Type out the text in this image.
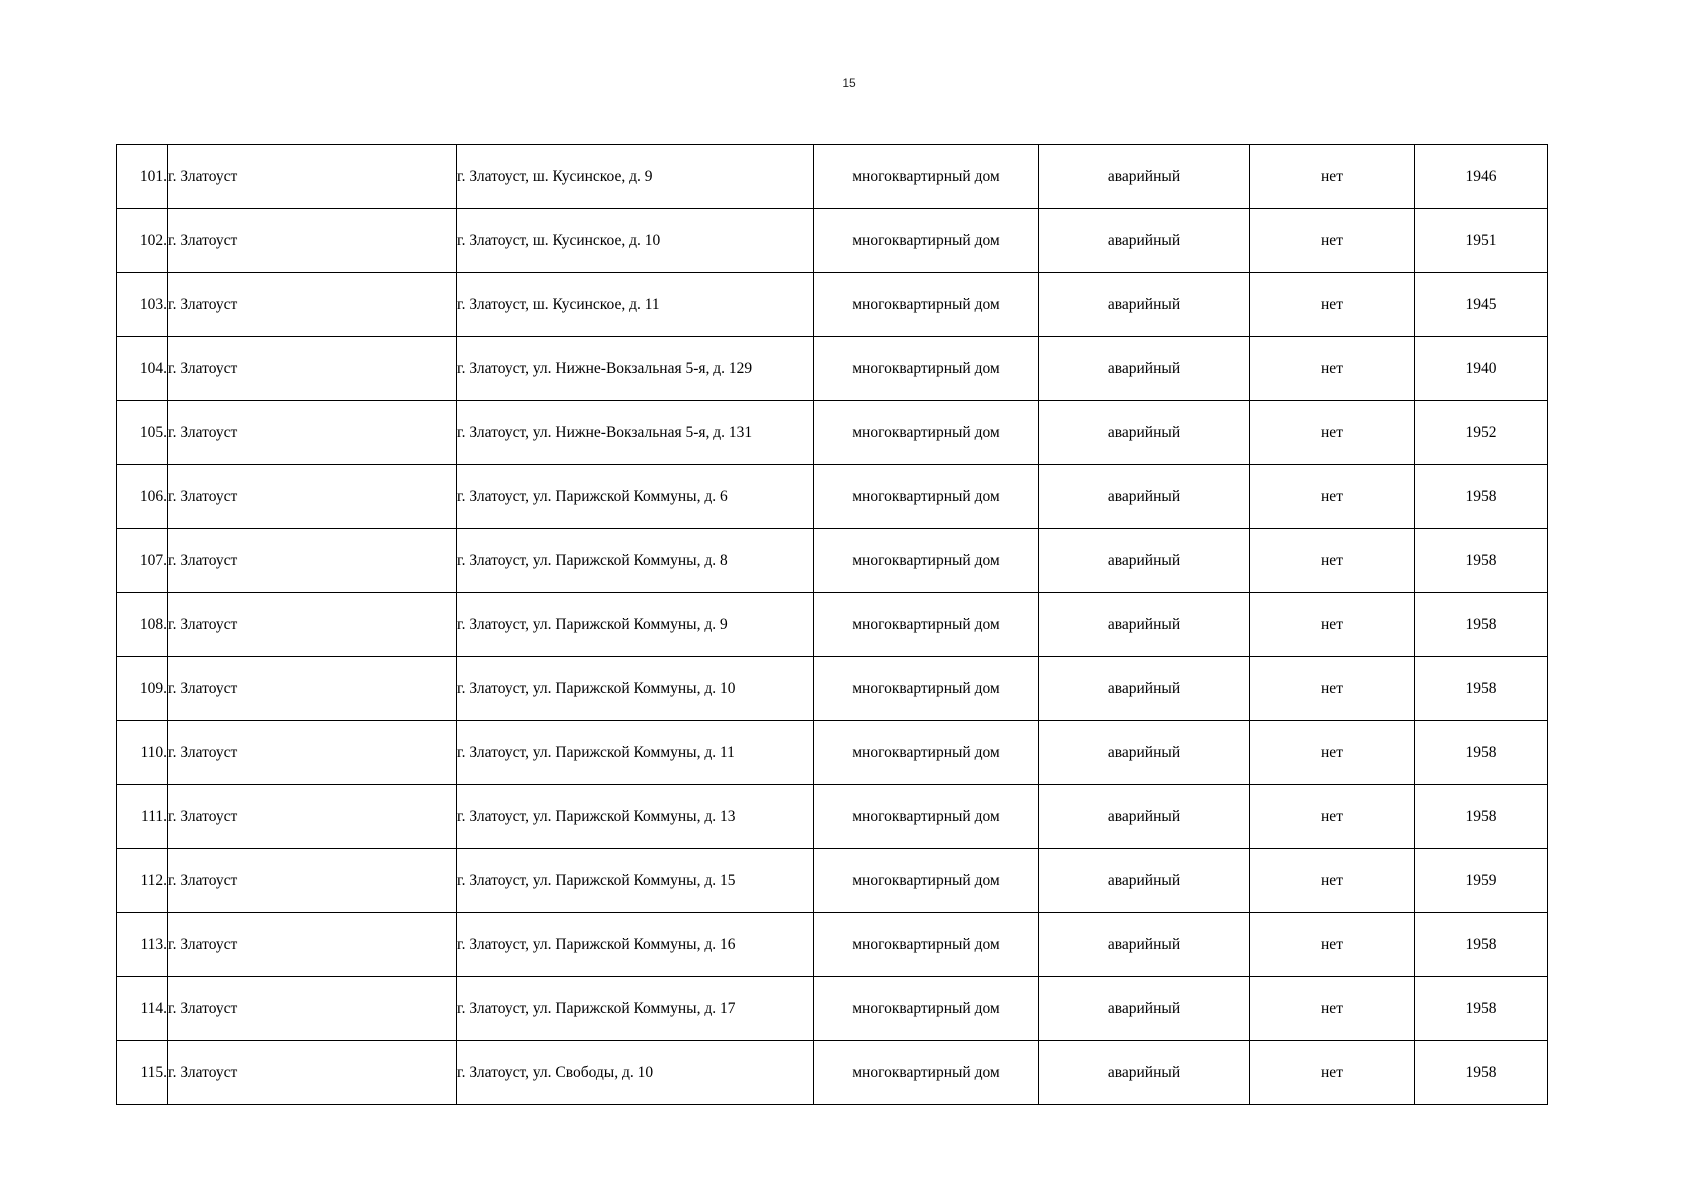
15
101.	г. Златоуст	г. Златоуст, ш. Кусинское, д. 9	многоквартирный дом	аварийный	нет	1946
102.	г. Златоуст	г. Златоуст, ш. Кусинское, д. 10	многоквартирный дом	аварийный	нет	1951
103.	г. Златоуст	г. Златоуст, ш. Кусинское, д. 11	многоквартирный дом	аварийный	нет	1945
104.	г. Златоуст	г. Златоуст, ул. Нижне-Вокзальная 5-я, д. 129	многоквартирный дом	аварийный	нет	1940
105.	г. Златоуст	г. Златоуст, ул. Нижне-Вокзальная 5-я, д. 131	многоквартирный дом	аварийный	нет	1952
106.	г. Златоуст	г. Златоуст, ул. Парижской Коммуны, д. 6	многоквартирный дом	аварийный	нет	1958
107.	г. Златоуст	г. Златоуст, ул. Парижской Коммуны, д. 8	многоквартирный дом	аварийный	нет	1958
108.	г. Златоуст	г. Златоуст, ул. Парижской Коммуны, д. 9	многоквартирный дом	аварийный	нет	1958
109.	г. Златоуст	г. Златоуст, ул. Парижской Коммуны, д. 10	многоквартирный дом	аварийный	нет	1958
110.	г. Златоуст	г. Златоуст, ул. Парижской Коммуны, д. 11	многоквартирный дом	аварийный	нет	1958
111.	г. Златоуст	г. Златоуст, ул. Парижской Коммуны, д. 13	многоквартирный дом	аварийный	нет	1958
112.	г. Златоуст	г. Златоуст, ул. Парижской Коммуны, д. 15	многоквартирный дом	аварийный	нет	1959
113.	г. Златоуст	г. Златоуст, ул. Парижской Коммуны, д. 16	многоквартирный дом	аварийный	нет	1958
114.	г. Златоуст	г. Златоуст, ул. Парижской Коммуны, д. 17	многоквартирный дом	аварийный	нет	1958
115.	г. Златоуст	г. Златоуст, ул. Свободы, д. 10	многоквартирный дом	аварийный	нет	1958
